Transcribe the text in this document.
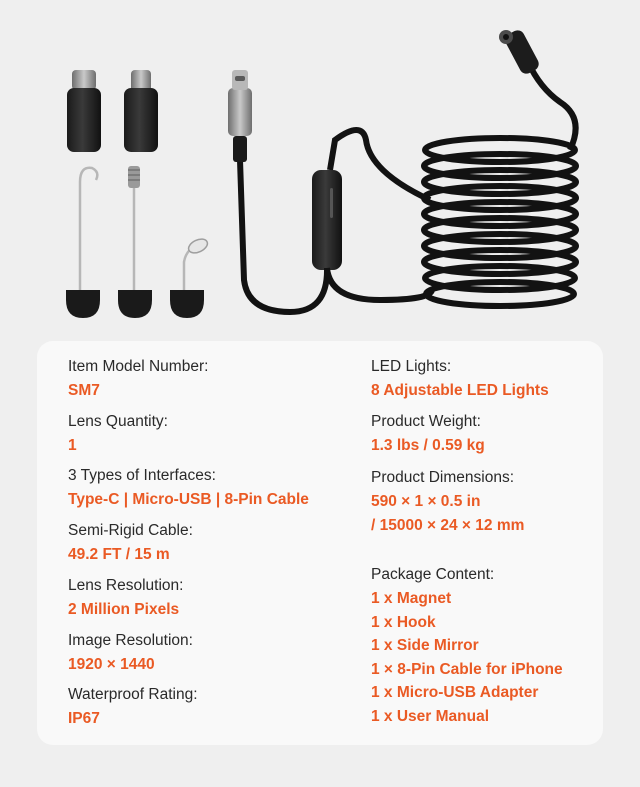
Item Model Number:
SM7
Lens Quantity:
1
3 Types of Interfaces:
Type-C | Micro-USB | 8-Pin Cable
Semi-Rigid Cable:
49.2 FT / 15 m
Lens Resolution:
2 Million Pixels
Image Resolution:
1920 × 1440
Waterproof Rating:
IP67
LED Lights:
8 Adjustable LED Lights
Product Weight:
1.3 lbs / 0.59 kg
Product Dimensions:
590 × 1 × 0.5 in
/ 15000 × 24 × 12 mm
Package Content:
1 x Magnet
1 x Hook
1 x Side Mirror
1 × 8-Pin Cable for iPhone
1 x Micro-USB Adapter
1 x User Manual
